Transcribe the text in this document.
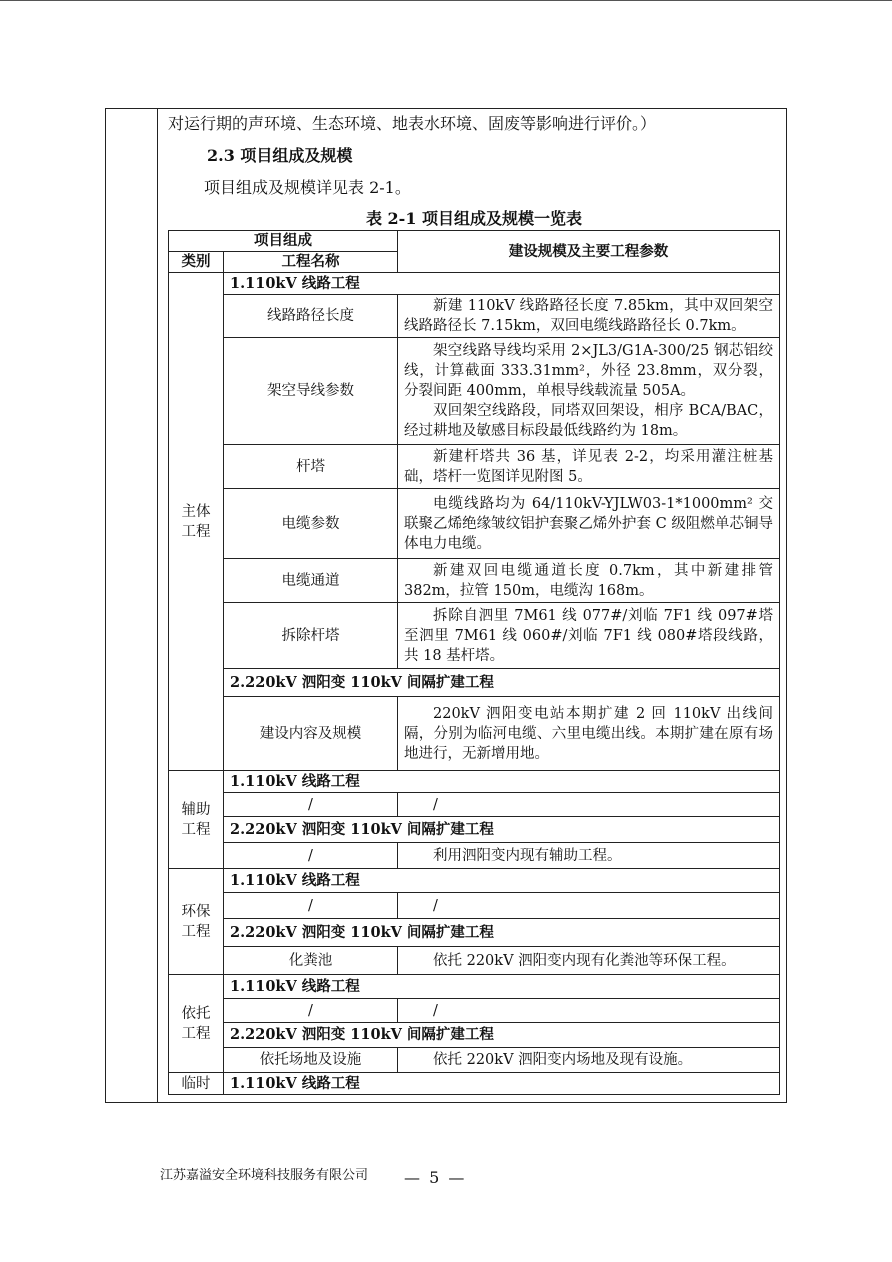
对运行期的声环境、生态环境、地表水环境、固废等影响进行评价。）
2.3 项目组成及规模
项目组成及规模详见表 2-1。
表 2-1 项目组成及规模一览表
项目组成		建设规模及主要工程参数
类别	工程名称	
主体工程	1.110kV 线路工程	
	线路路径长度	新建 110kV 线路路径长度 7.85km，其中双回架空线路路径长 7.15km，双回电缆线路路径长 0.7km。

	架空导线参数	架空线路导线均采用 2×JL3/G1A-300/25 钢芯铝绞线，计算截面 333.31mm²，外径 23.8mm，双分裂，分裂间距 400mm，单根导线载流量 505A。
双回架空线路段，同塔双回架设，相序 BCA/BAC，经过耕地及敏感目标段最低线路约为 18m。

	杆塔	新建杆塔共 36 基，详见表 2-2，均采用灌注桩基础，塔杆一览图详见附图 5。

	电缆参数	电缆线路均为 64/110kV-YJLW03-1*1000mm² 交联聚乙烯绝缘皱纹铝护套聚乙烯外护套 C 级阻燃单芯铜导体电力电缆。

	电缆通道	新建双回电缆通道长度 0.7km，其中新建排管 382m，拉管 150m，电缆沟 168m。

	拆除杆塔	拆除自泗里 7M61 线 077#/刘临 7F1 线 097#塔至泗里 7M61 线 060#/刘临 7F1 线 080#塔段线路，共 18 基杆塔。

	2.220kV 泗阳变 110kV 间隔扩建工程	
	建设内容及规模	220kV 泗阳变电站本期扩建 2 回 110kV 出线间隔，分别为临河电缆、六里电缆出线。本期扩建在原有场地进行，无新增用地。

辅助工程	1.110kV 线路工程	
	/	/

	2.220kV 泗阳变 110kV 间隔扩建工程	
	/	利用泗阳变内现有辅助工程。

环保工程	1.110kV 线路工程	
	/	/

	2.220kV 泗阳变 110kV 间隔扩建工程	
	化粪池	依托 220kV 泗阳变内现有化粪池等环保工程。

依托工程	1.110kV 线路工程	
	/	/

	2.220kV 泗阳变 110kV 间隔扩建工程	
	依托场地及设施	依托 220kV 泗阳变内场地及现有设施。

临时	1.110kV 线路工程	
江苏嘉溢安全环境科技服务有限公司 — 5 —
